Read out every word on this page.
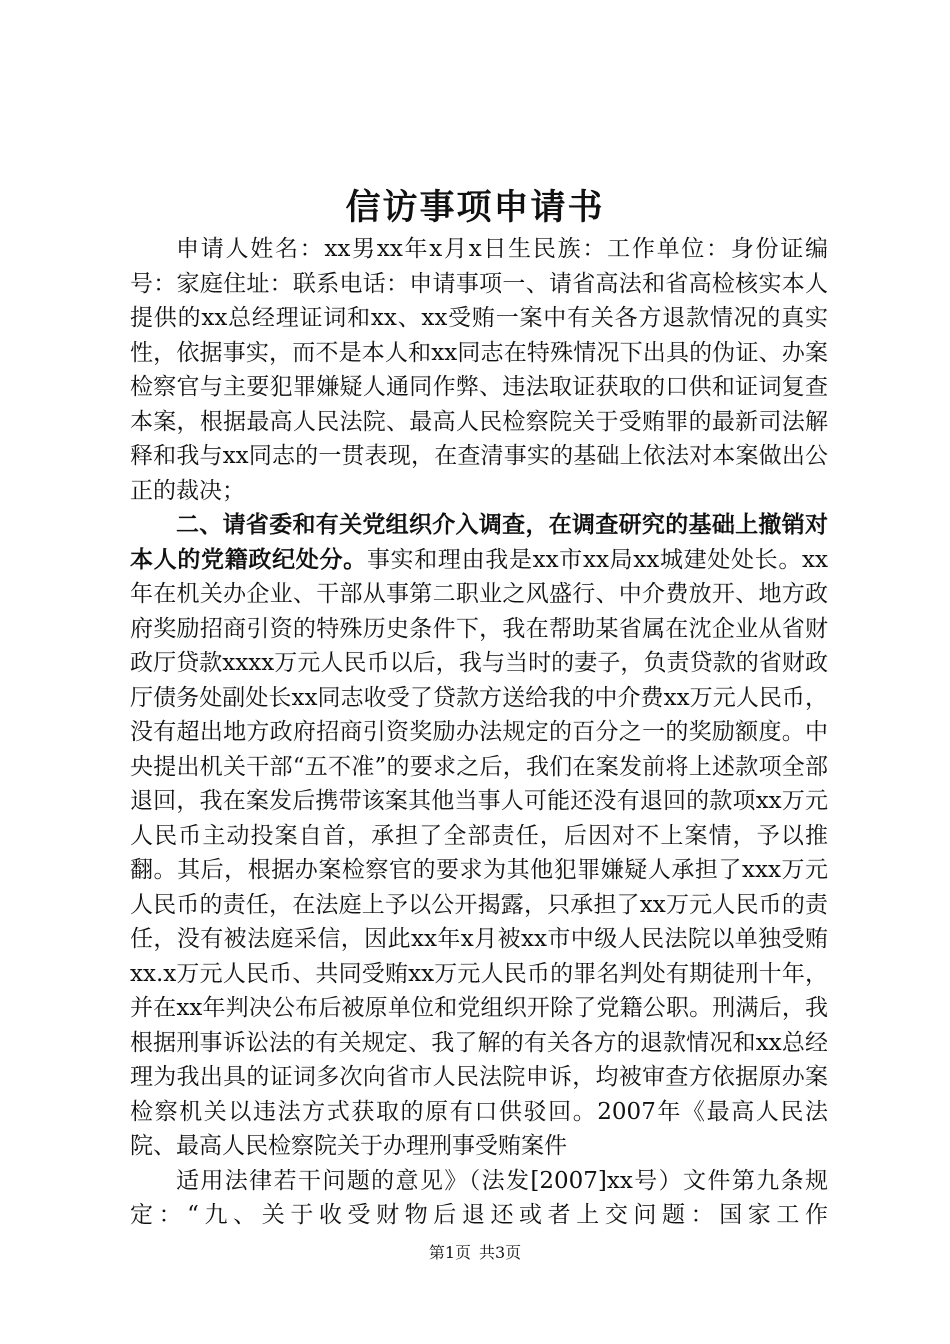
信访事项申请书

申请人姓名：xx男xx年x月x日生民族：工作单位：身份证编号：家庭住址：联系电话：申请事项一、请省高法和省高检核实本人提供的xx总经理证词和xx、xx受贿一案中有关各方退款情况的真实性，依据事实，而不是本人和xx同志在特殊情况下出具的伪证、办案检察官与主要犯罪嫌疑人通同作弊、违法取证获取的口供和证词复查本案，根据最高人民法院、最高人民检察院关于受贿罪的最新司法解释和我与xx同志的一贯表现，在查清事实的基础上依法对本案做出公正的裁决；

二、请省委和有关党组织介入调查，在调查研究的基础上撤销对本人的党籍政纪处分。事实和理由我是xx市xx局xx城建处处长。xx年在机关办企业、干部从事第二职业之风盛行、中介费放开、地方政府奖励招商引资的特殊历史条件下，我在帮助某省属在沈企业从省财政厅贷款xxxx万元人民币以后，我与当时的妻子，负责贷款的省财政厅债务处副处长xx同志收受了贷款方送给我的中介费xx万元人民币，没有超出地方政府招商引资奖励办法规定的百分之一的奖励额度。中央提出机关干部“五不准”的要求之后，我们在案发前将上述款项全部退回，我在案发后携带该案其他当事人可能还没有退回的款项xx万元人民币主动投案自首，承担了全部责任，后因对不上案情，予以推翻。其后，根据办案检察官的要求为其他犯罪嫌疑人承担了xxx万元人民币的责任，在法庭上予以公开揭露，只承担了xx万元人民币的责任，没有被法庭采信，因此xx年x月被xx市中级人民法院以单独受贿xx.x万元人民币、共同受贿xx万元人民币的罪名判处有期徒刑十年，并在xx年判决公布后被原单位和党组织开除了党籍公职。刑满后，我根据刑事诉讼法的有关规定、我了解的有关各方的退款情况和xx总经理为我出具的证词多次向省市人民法院申诉，均被审查方依据原办案检察机关以违法方式获取的原有口供驳回。2007年《最高人民法院、最高人民检察院关于办理刑事受贿案件

适用法律若干问题的意见》（法发[2007]xx号）文件第九条规定：“九、关于收受财物后退还或者上交问题：国家工作

第1页 共3页
